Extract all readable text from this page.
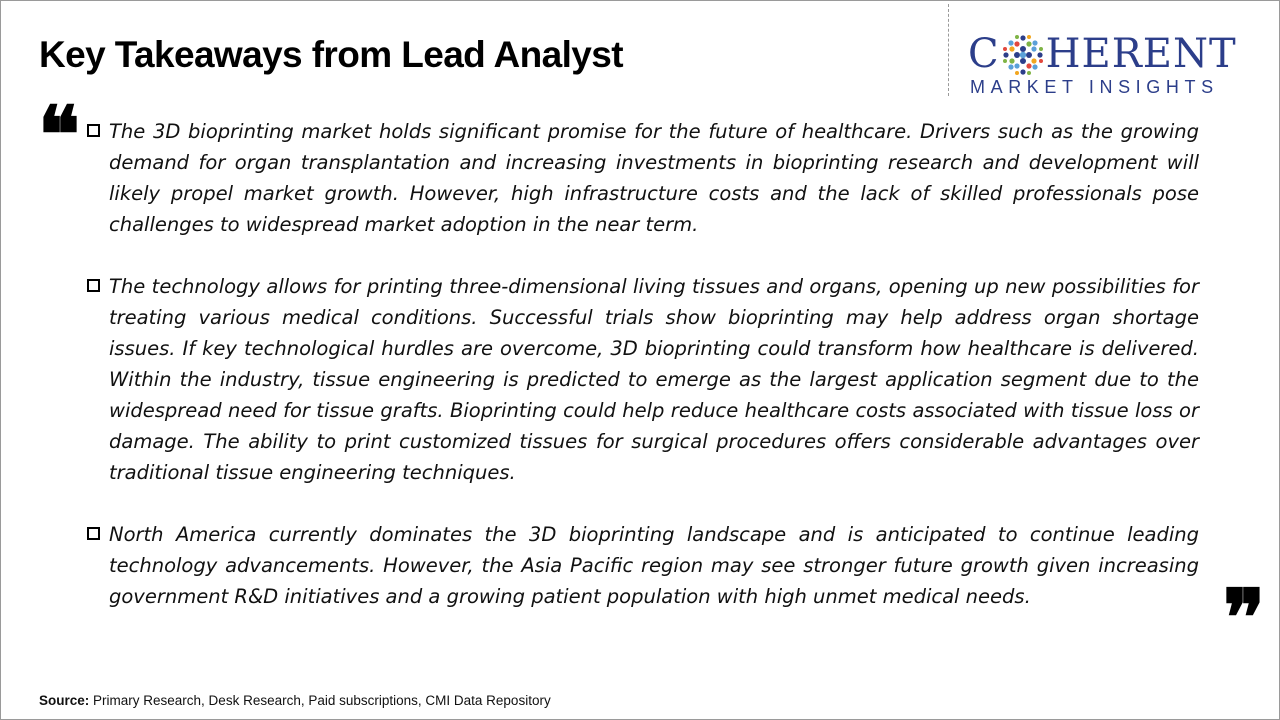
Key Takeaways from Lead Analyst	C HERENT
MARKET INSIGHTS
❝
❞

The 3D bioprinting market holds significant promise for the future of healthcare. Drivers such as the growing demand for organ transplantation and increasing investments in bioprinting research and development will likely propel market growth. However, high infrastructure costs and the lack of skilled professionals pose challenges to widespread market adoption in the near term.

The technology allows for printing three-dimensional living tissues and organs, opening up new possibilities for treating various medical conditions. Successful trials show bioprinting may help address organ shortage issues. If key technological hurdles are overcome, 3D bioprinting could transform how healthcare is delivered. Within the industry, tissue engineering is predicted to emerge as the largest application segment due to the widespread need for tissue grafts. Bioprinting could help reduce healthcare costs associated with tissue loss or damage. The ability to print customized tissues for surgical procedures offers considerable advantages over traditional tissue engineering techniques.

North America currently dominates the 3D bioprinting landscape and is anticipated to continue leading technology advancements. However, the Asia Pacific region may see stronger future growth given increasing government R&D initiatives and a growing patient population with high unmet medical needs.

Source: Primary Research, Desk Research, Paid subscriptions, CMI Data Repository
